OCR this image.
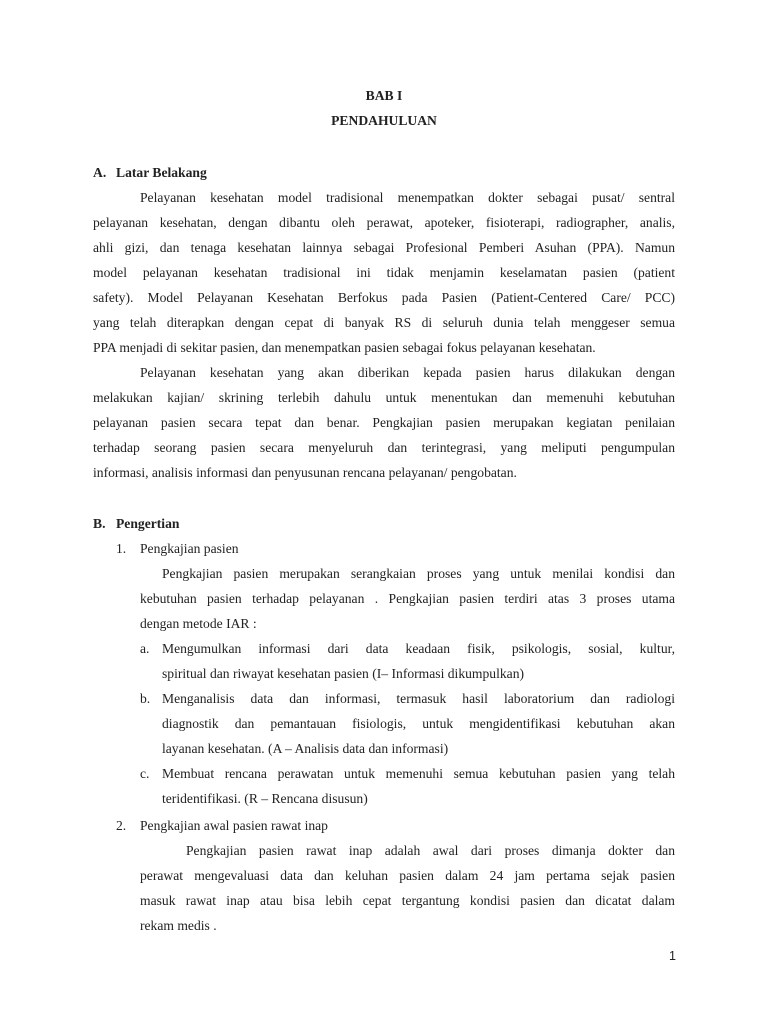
BAB I
PENDAHULUAN
A. Latar Belakang
Pelayanan kesehatan model tradisional menempatkan dokter sebagai pusat/ sentral
pelayanan kesehatan, dengan dibantu oleh perawat, apoteker, fisioterapi, radiographer, analis,
ahli gizi, dan tenaga kesehatan lainnya sebagai Profesional Pemberi Asuhan (PPA). Namun
model pelayanan kesehatan tradisional ini tidak menjamin keselamatan pasien (patient
safety). Model Pelayanan Kesehatan Berfokus pada Pasien (Patient-Centered Care/ PCC)
yang telah diterapkan dengan cepat di banyak RS di seluruh dunia telah menggeser semua
PPA menjadi di sekitar pasien, dan menempatkan pasien sebagai fokus pelayanan kesehatan.
Pelayanan kesehatan yang akan diberikan kepada pasien harus dilakukan dengan
melakukan kajian/ skrining terlebih dahulu untuk menentukan dan memenuhi kebutuhan
pelayanan pasien secara tepat dan benar. Pengkajian pasien merupakan kegiatan penilaian
terhadap seorang pasien secara menyeluruh dan terintegrasi, yang meliputi pengumpulan
informasi, analisis informasi dan penyusunan rencana pelayanan/ pengobatan.
B. Pengertian
1. Pengkajian pasien
Pengkajian pasien merupakan serangkaian proses yang untuk menilai kondisi dan
kebutuhan pasien terhadap pelayanan . Pengkajian pasien terdiri atas 3 proses utama
dengan metode IAR :
a. Mengumulkan informasi dari data keadaan fisik, psikologis, sosial, kultur,
spiritual dan riwayat kesehatan pasien (I– Informasi dikumpulkan)
b. Menganalisis data dan informasi, termasuk hasil laboratorium dan radiologi
diagnostik dan pemantauan fisiologis, untuk mengidentifikasi kebutuhan akan
layanan kesehatan. (A – Analisis data dan informasi)
c. Membuat rencana perawatan untuk memenuhi semua kebutuhan pasien yang telah
teridentifikasi. (R – Rencana disusun)
2. Pengkajian awal pasien rawat inap
Pengkajian pasien rawat inap adalah awal dari proses dimanja dokter dan
perawat mengevaluasi data dan keluhan pasien dalam 24 jam pertama sejak pasien
masuk rawat inap atau bisa lebih cepat tergantung kondisi pasien dan dicatat dalam
rekam medis .
1
